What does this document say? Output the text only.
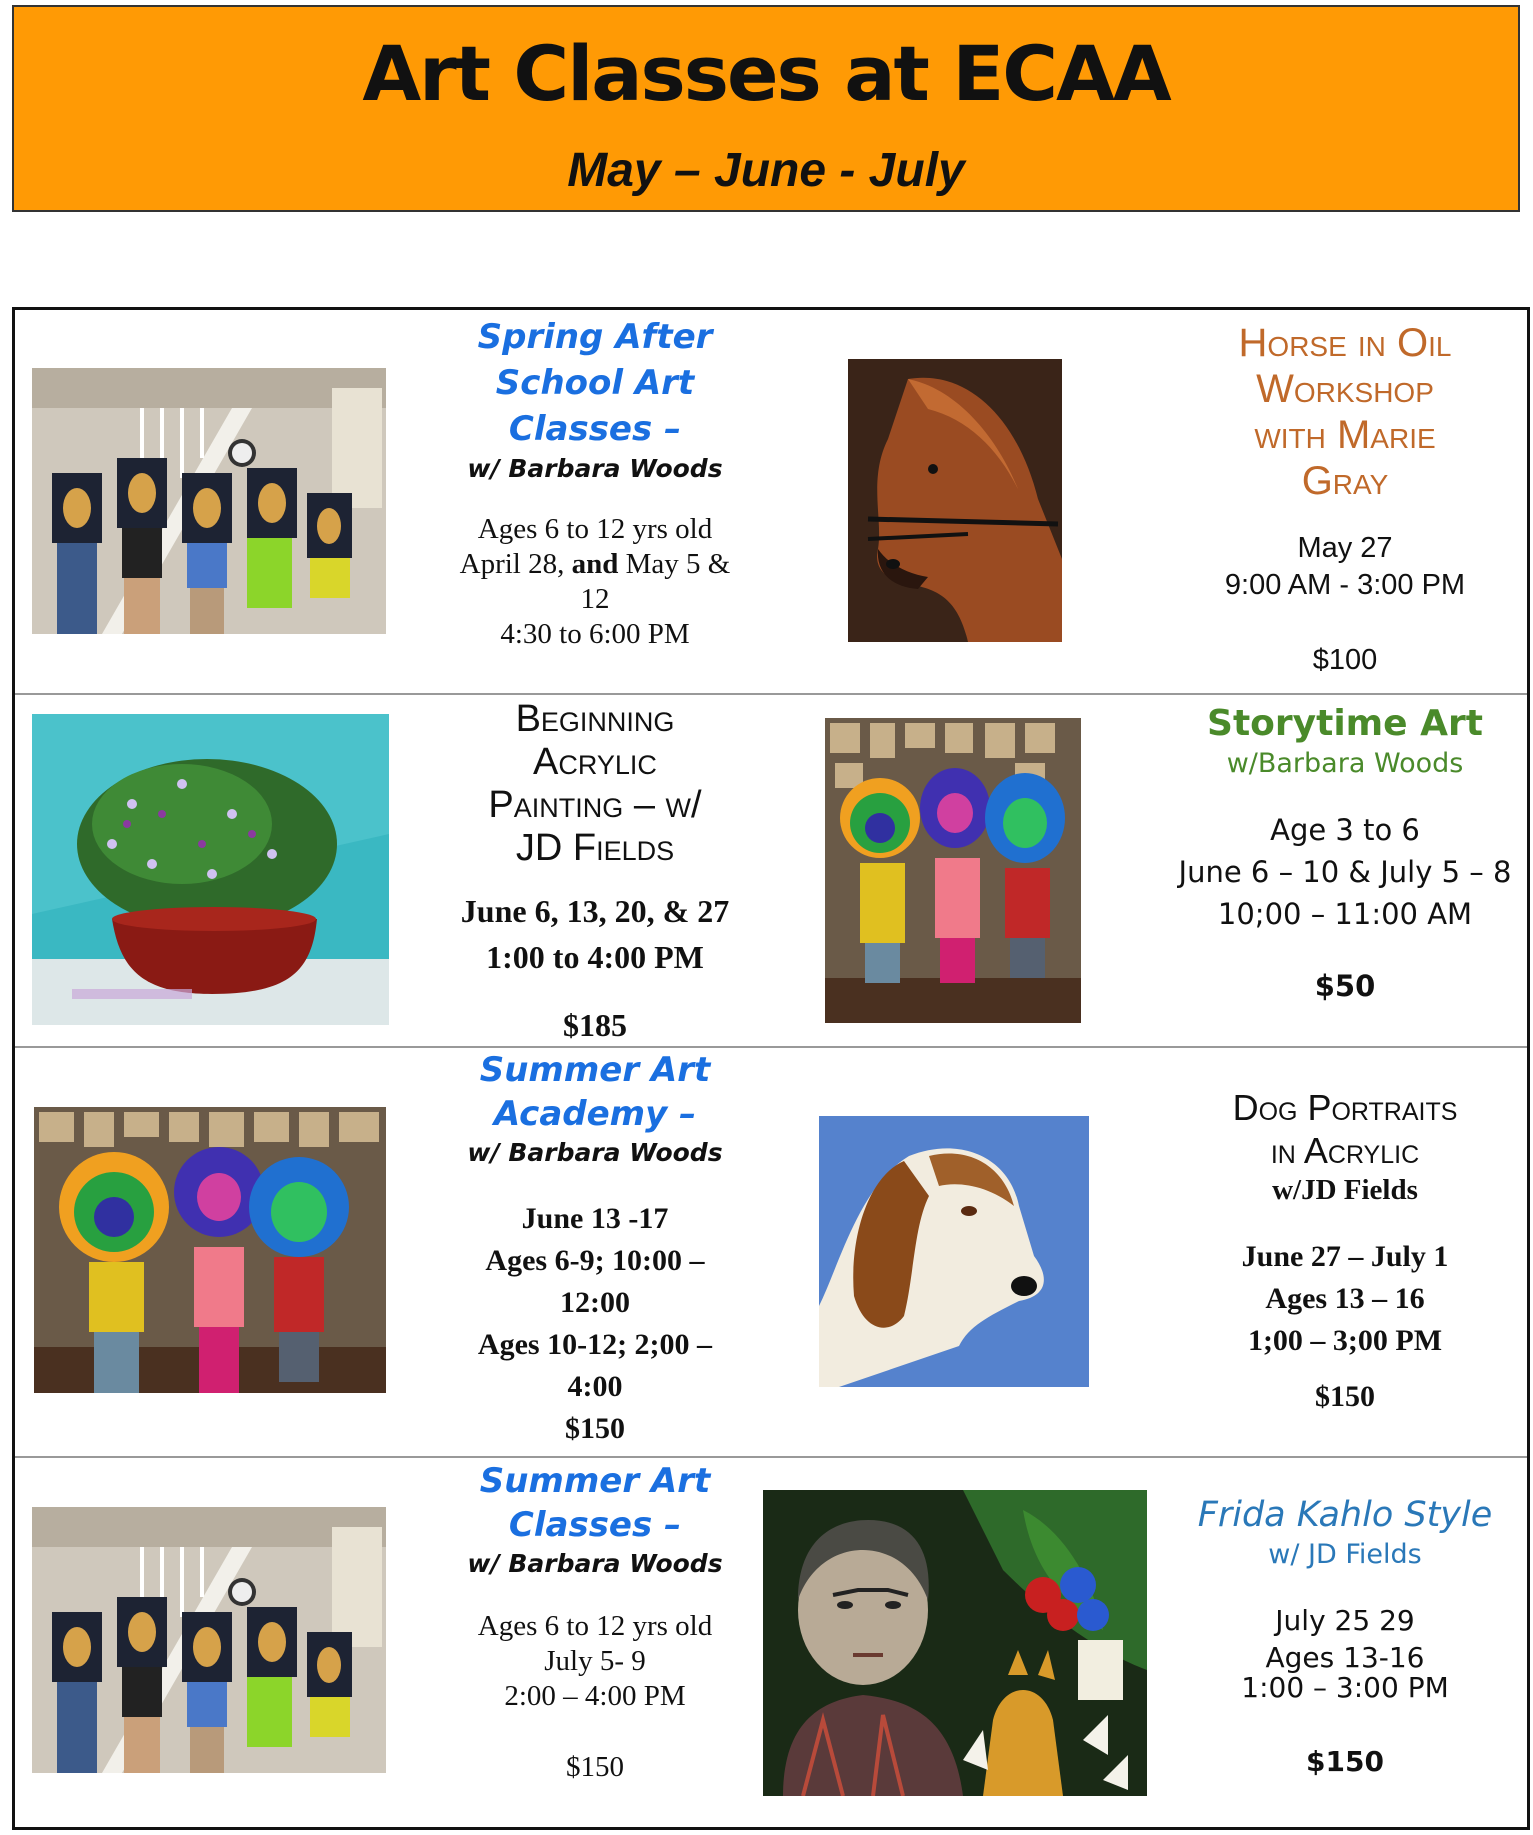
Art Classes at ECAA
May – June - July
Spring After
School Art
Classes –
w/ Barbara Woods
Ages 6 to 12 yrs old
April 28, and May 5 &
12
4:30 to 6:00 PM
Horse in Oil
Workshop
with Marie
Gray
May 27
9:00 AM - 3:00 PM
$100
Beginning
Acrylic
Painting – w/
JD Fields
June 6, 13, 20, & 27
1:00 to 4:00 PM
$185
Storytime Art
w/Barbara Woods
Age 3 to 6
June 6 – 10 & July 5 – 8
10;00 – 11:00 AM
$50
Summer Art
Academy –
w/ Barbara Woods
June 13 -17
Ages 6-9; 10:00 –
12:00
Ages 10-12; 2;00 –
4:00
$150
Dog Portraits
in Acrylic
w/JD Fields
June 27 – July 1
Ages 13 – 16
1;00 – 3;00 PM
$150
Summer Art
Classes –
w/ Barbara Woods
Ages 6 to 12 yrs old
July 5- 9
2:00 – 4:00 PM
$150
Frida Kahlo Style
w/ JD Fields
July 25 29
Ages 13-16
1:00 – 3:00 PM
$150
